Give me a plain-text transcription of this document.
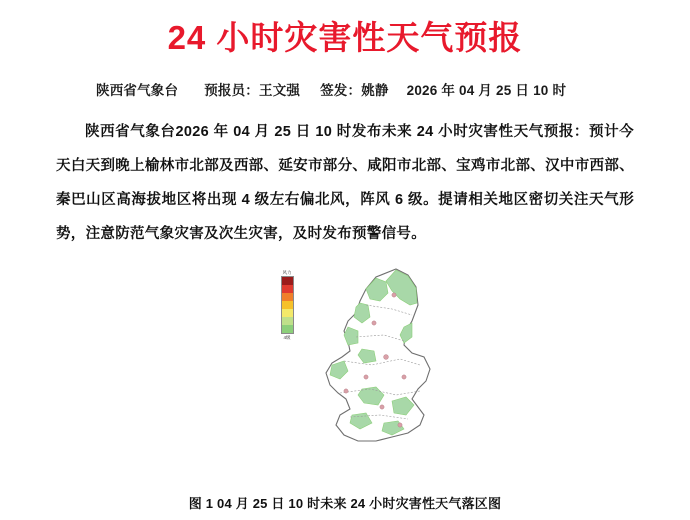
24 小时灾害性天气预报
陕西省气象台 预报员：王文强 签发：姚静 2026 年 04 月 25 日 10 时
陕西省气象台2026 年 04 月 25 日 10 时发布未来 24 小时灾害性天气预报：预计今天白天到晚上榆林市北部及西部、延安市部分、咸阳市北部、宝鸡市北部、汉中市西部、秦巴山区高海拔地区将出现 4 级左右偏北风，阵风 6 级。提请相关地区密切关注天气形势，注意防范气象灾害及次生灾害，及时发布预警信号。
风力
4级
图 1 04 月 25 日 10 时未来 24 小时灾害性天气落区图
